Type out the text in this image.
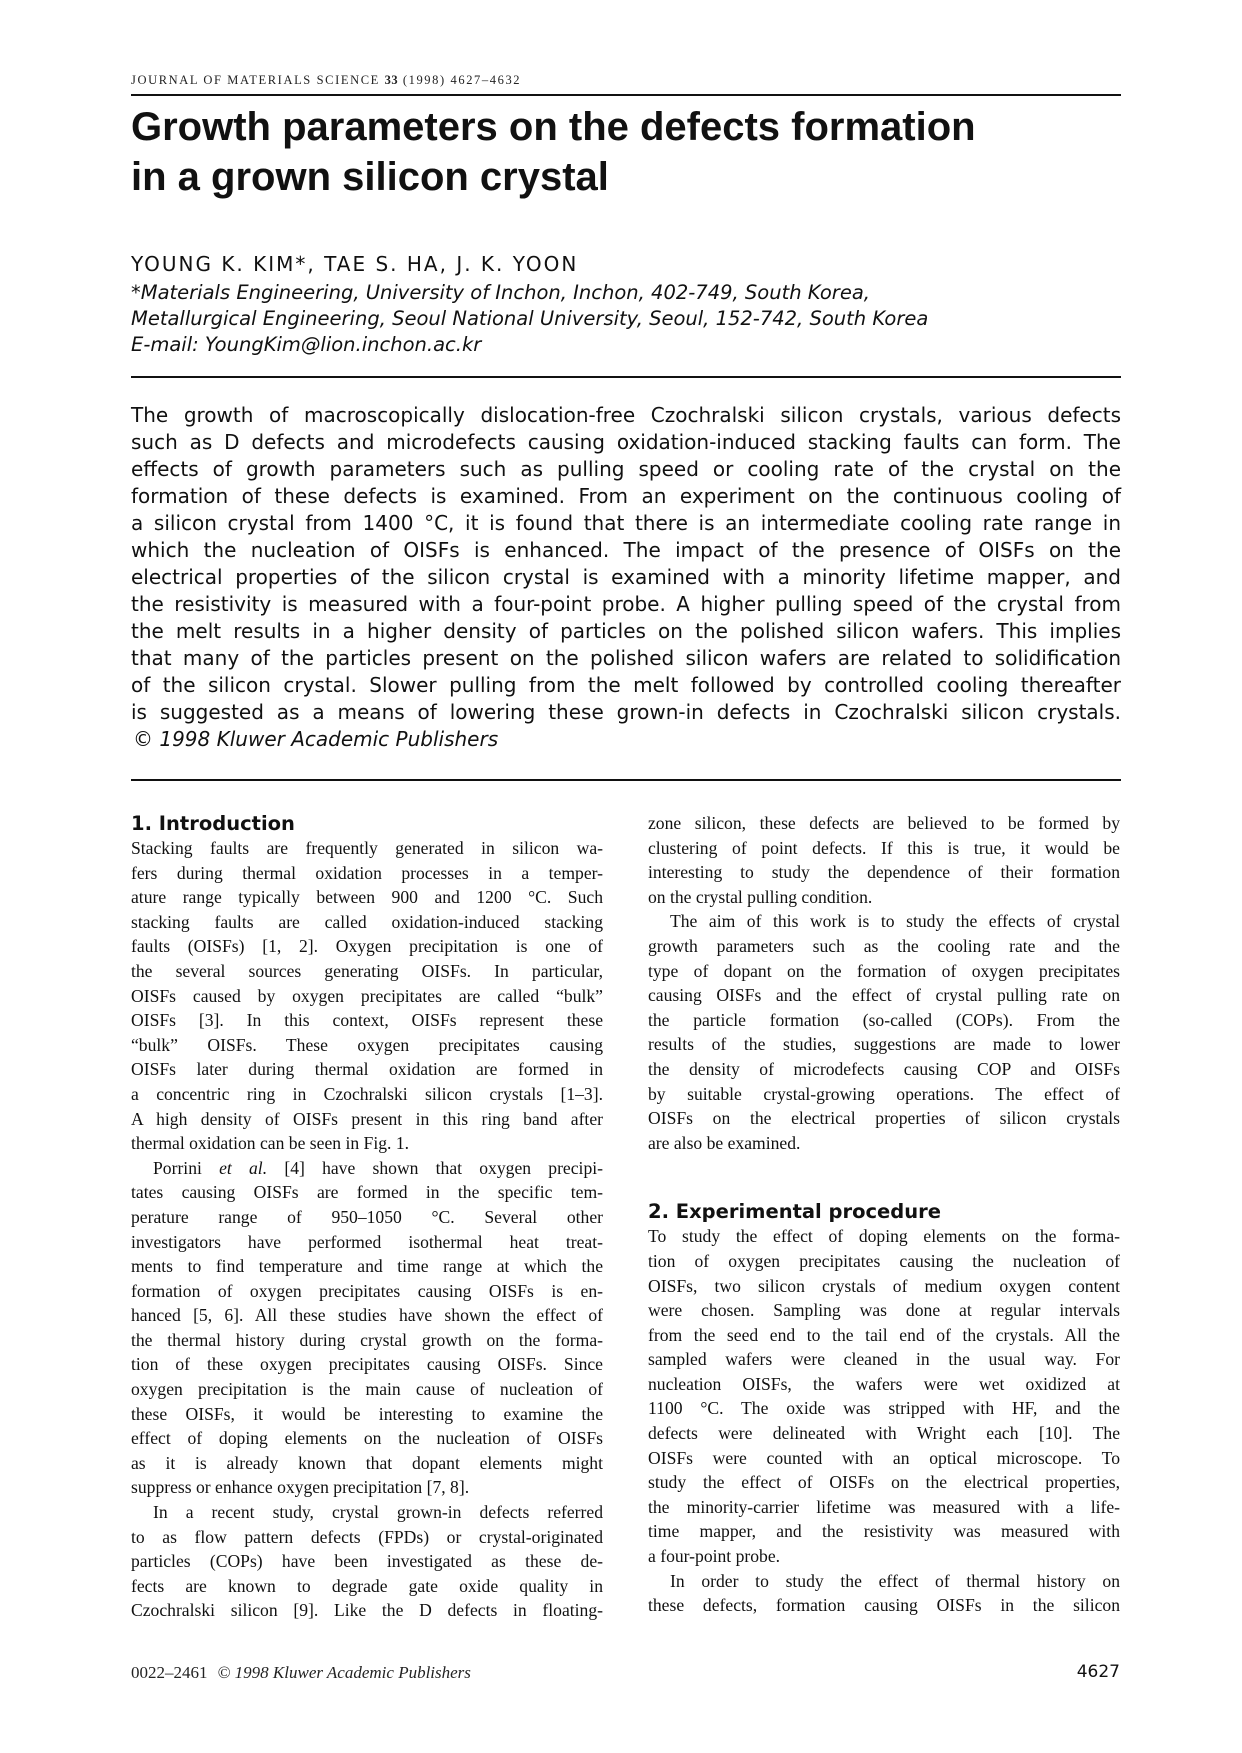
JOURNAL OF MATERIALS SCIENCE 33 (1998) 4627–4632
Growth parameters on the defects formation
in a grown silicon crystal
YOUNG K. KIM*, TAE S. HA, J. K. YOON
*Materials Engineering, University of Inchon, Inchon, 402-749, South Korea,
Metallurgical Engineering, Seoul National University, Seoul, 152-742, South Korea
E-mail: YoungKim@lion.inchon.ac.kr
The growth of macroscopically dislocation-free Czochralski silicon crystals, various defects
such as D defects and microdefects causing oxidation-induced stacking faults can form. The
effects of growth parameters such as pulling speed or cooling rate of the crystal on the
formation of these defects is examined. From an experiment on the continuous cooling of
a silicon crystal from 1400 °C, it is found that there is an intermediate cooling rate range in
which the nucleation of OISFs is enhanced. The impact of the presence of OISFs on the
electrical properties of the silicon crystal is examined with a minority lifetime mapper, and
the resistivity is measured with a four-point probe. A higher pulling speed of the crystal from
the melt results in a higher density of particles on the polished silicon wafers. This implies
that many of the particles present on the polished silicon wafers are related to solidification
of the silicon crystal. Slower pulling from the melt followed by controlled cooling thereafter
is suggested as a means of lowering these grown-in defects in Czochralski silicon crystals.
© 1998 Kluwer Academic Publishers
1. Introduction
Stacking faults are frequently generated in silicon wa-
fers during thermal oxidation processes in a temper-
ature range typically between 900 and 1200 °C. Such
stacking faults are called oxidation-induced stacking
faults (OISFs) [1, 2]. Oxygen precipitation is one of
the several sources generating OISFs. In particular,
OISFs caused by oxygen precipitates are called “bulk”
OISFs [3]. In this context, OISFs represent these
“bulk” OISFs. These oxygen precipitates causing
OISFs later during thermal oxidation are formed in
a concentric ring in Czochralski silicon crystals [1–3].
A high density of OISFs present in this ring band after
thermal oxidation can be seen in Fig. 1.
Porrini et al. [4] have shown that oxygen precipi-
tates causing OISFs are formed in the specific tem-
perature range of 950–1050 °C. Several other
investigators have performed isothermal heat treat-
ments to find temperature and time range at which the
formation of oxygen precipitates causing OISFs is en-
hanced [5, 6]. All these studies have shown the effect of
the thermal history during crystal growth on the forma-
tion of these oxygen precipitates causing OISFs. Since
oxygen precipitation is the main cause of nucleation of
these OISFs, it would be interesting to examine the
effect of doping elements on the nucleation of OISFs
as it is already known that dopant elements might
suppress or enhance oxygen precipitation [7, 8].
In a recent study, crystal grown-in defects referred
to as flow pattern defects (FPDs) or crystal-originated
particles (COPs) have been investigated as these de-
fects are known to degrade gate oxide quality in
Czochralski silicon [9]. Like the D defects in floating-
zone silicon, these defects are believed to be formed by
clustering of point defects. If this is true, it would be
interesting to study the dependence of their formation
on the crystal pulling condition.
The aim of this work is to study the effects of crystal
growth parameters such as the cooling rate and the
type of dopant on the formation of oxygen precipitates
causing OISFs and the effect of crystal pulling rate on
the particle formation (so-called (COPs). From the
results of the studies, suggestions are made to lower
the density of microdefects causing COP and OISFs
by suitable crystal-growing operations. The effect of
OISFs on the electrical properties of silicon crystals
are also be examined.
2. Experimental procedure
To study the effect of doping elements on the forma-
tion of oxygen precipitates causing the nucleation of
OISFs, two silicon crystals of medium oxygen content
were chosen. Sampling was done at regular intervals
from the seed end to the tail end of the crystals. All the
sampled wafers were cleaned in the usual way. For
nucleation OISFs, the wafers were wet oxidized at
1100 °C. The oxide was stripped with HF, and the
defects were delineated with Wright each [10]. The
OISFs were counted with an optical microscope. To
study the effect of OISFs on the electrical properties,
the minority-carrier lifetime was measured with a life-
time mapper, and the resistivity was measured with
a four-point probe.
In order to study the effect of thermal history on
these defects, formation causing OISFs in the silicon
0022–2461 © 1998 Kluwer Academic Publishers	4627
